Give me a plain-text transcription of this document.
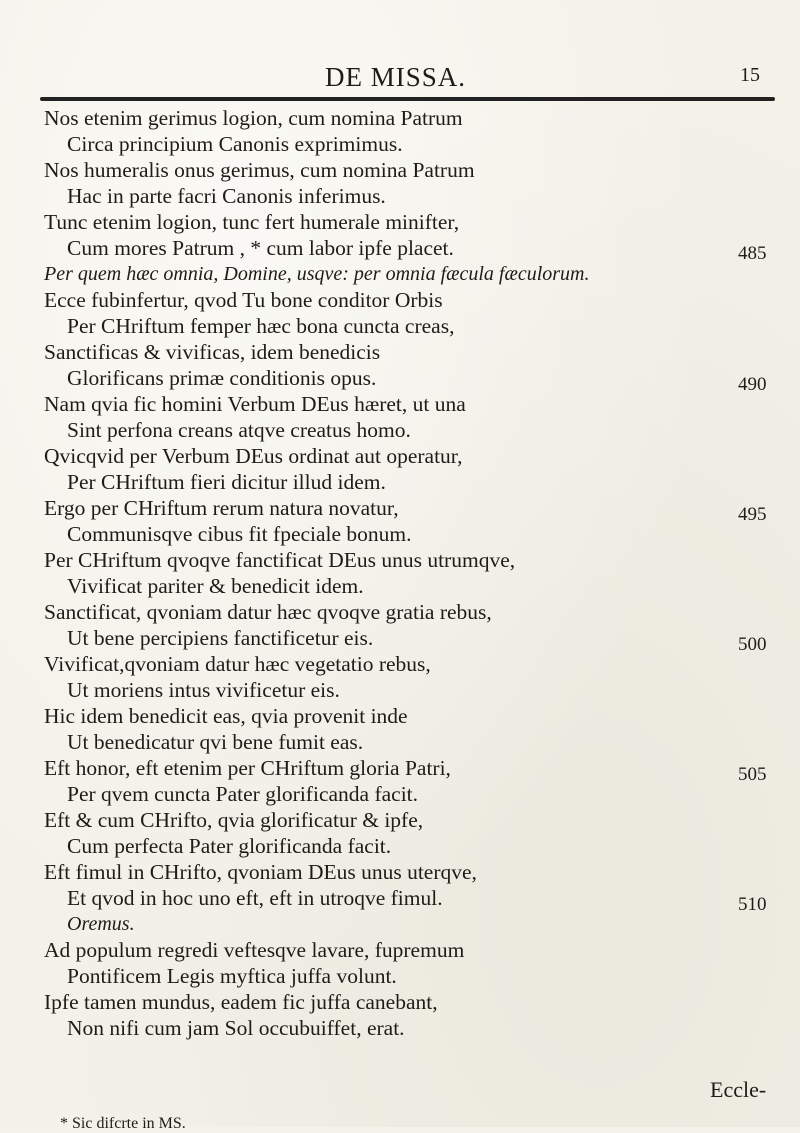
DE MISSA.	15
Nos etenim gerimus logion, cum nomina Patrum
Circa principium Canonis exprimimus.
Nos humeralis onus gerimus, cum nomina Patrum
Hac in parte facri Canonis inferimus.
Tunc etenim logion, tunc fert humerale minifter,
Cum mores Patrum , * cum labor ipfe placet.
Per quem hæc omnia, Domine, usqve: per omnia fæcula fæculorum.
Ecce fubinfertur, qvod Tu bone conditor Orbis
Per CHriftum femper hæc bona cuncta creas,
Sanctificas & vivificas, idem benedicis
Glorificans primæ conditionis opus.
Nam qvia fic homini Verbum DEus hæret, ut una
Sint perfona creans atqve creatus homo.
Qvicqvid per Verbum DEus ordinat aut operatur,
Per CHriftum fieri dicitur illud idem.
Ergo per CHriftum rerum natura novatur,
Communisqve cibus fit fpeciale bonum.
Per CHriftum qvoqve fanctificat DEus unus utrumqve,
Vivificat pariter & benedicit idem.
Sanctificat, qvoniam datur hæc qvoqve gratia rebus,
Ut bene percipiens fanctificetur eis.
Vivificat,qvoniam datur hæc vegetatio rebus,
Ut moriens intus vivificetur eis.
Hic idem benedicit eas, qvia provenit inde
Ut benedicatur qvi bene fumit eas.
Eft honor, eft etenim per CHriftum gloria Patri,
Per qvem cuncta Pater glorificanda facit.
Eft & cum CHrifto, qvia glorificatur & ipfe,
Cum perfecta Pater glorificanda facit.
Eft fimul in CHrifto, qvoniam DEus unus uterqve,
Et qvod in hoc uno eft, eft in utroqve fimul.
Oremus.
Ad populum regredi veftesqve lavare, fupremum
Pontificem Legis myftica juffa volunt.
Ipfe tamen mundus, eadem fic juffa canebant,
Non nifi cum jam Sol occubuiffet, erat.
485
490
495
500
505
510
Eccle-
* Sic difcrte in MS.
